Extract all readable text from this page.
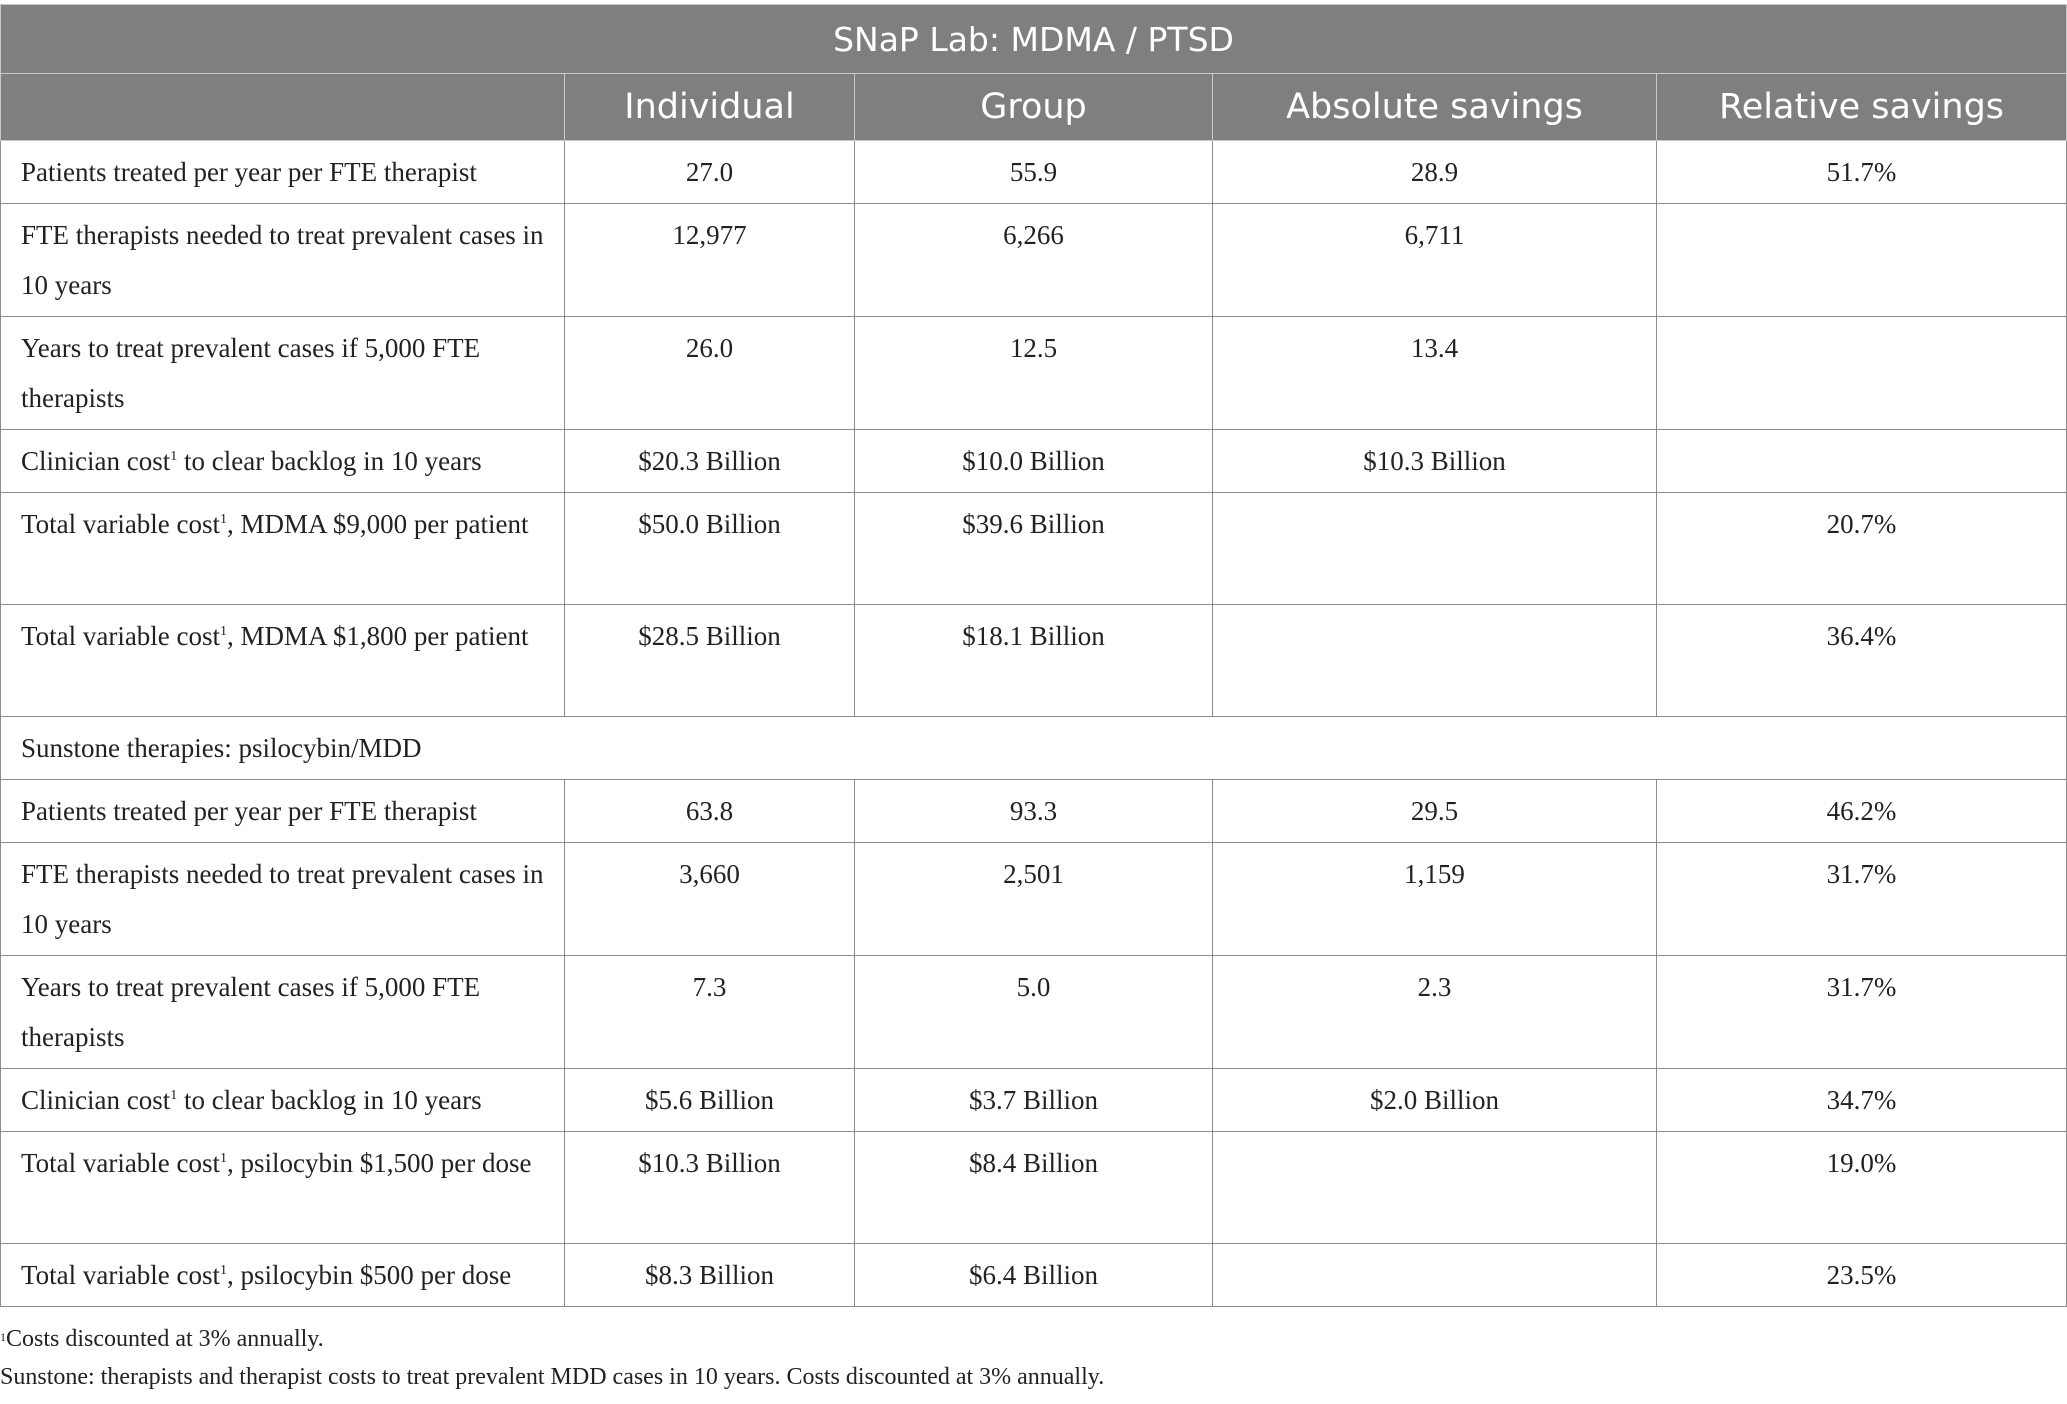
SNaP Lab: MDMA / PTSD				
	Individual	Group	Absolute savings	Relative savings
Patients treated per year per FTE therapist	27.0	55.9	28.9	51.7%
FTE therapists needed to treat prevalent cases in 10 years	12,977	6,266	6,711	
Years to treat prevalent cases if 5,000 FTE therapists	26.0	12.5	13.4	
Clinician cost$^1$ to clear backlog in 10 years	$20.3 Billion	$10.0 Billion	$10.3 Billion	
Total variable cost$^1$, MDMA $9,000 per patient	$50.0 Billion	$39.6 Billion		20.7%
Total variable cost$^1$, MDMA $1,800 per patient	$28.5 Billion	$18.1 Billion		36.4%
Sunstone therapies: psilocybin/MDD				
Patients treated per year per FTE therapist	63.8	93.3	29.5	46.2%
FTE therapists needed to treat prevalent cases in 10 years	3,660	2,501	1,159	31.7%
Years to treat prevalent cases if 5,000 FTE therapists	7.3	5.0	2.3	31.7%
Clinician cost$^1$ to clear backlog in 10 years	$5.6 Billion	$3.7 Billion	$2.0 Billion	34.7%
Total variable cost$^1$, psilocybin $1,500 per dose	$10.3 Billion	$8.4 Billion		19.0%
Total variable cost$^1$, psilocybin $500 per dose	$8.3 Billion	$6.4 Billion		23.5%
$^1$Costs discounted at 3% annually.
Sunstone: therapists and therapist costs to treat prevalent MDD cases in 10 years. Costs discounted at 3% annually.
